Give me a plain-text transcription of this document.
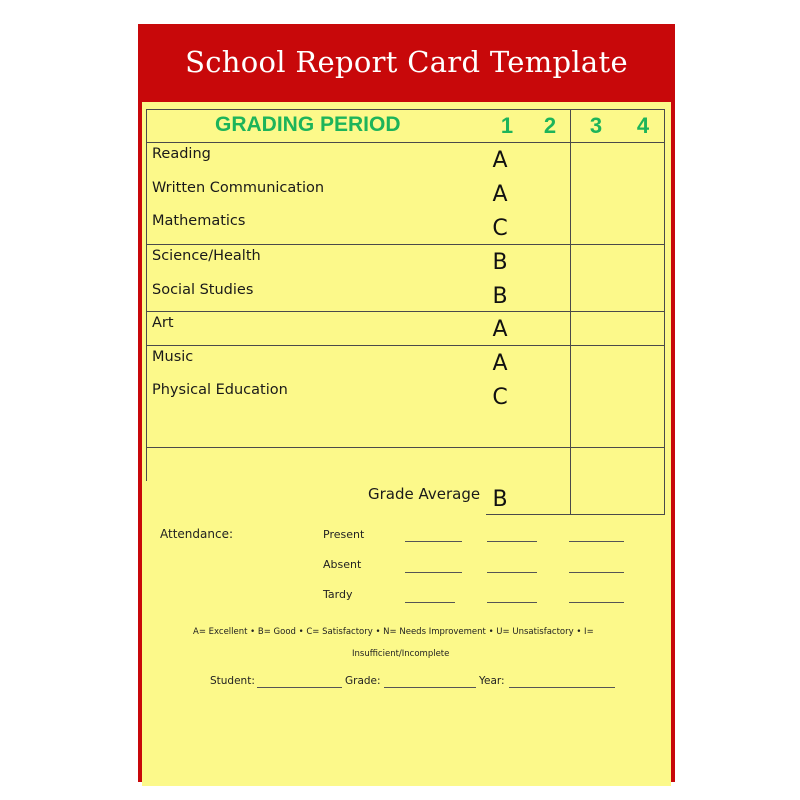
School Report Card Template
GRADING PERIOD	1 2 3 4
Reading	A
Written Communication	A
Mathematics	C
Science/Health	B
Social Studies	B
Art	A
Music	A
Physical Education	C
Grade Average B
Attendance:	Present
Absent
Tardy
A= Excellent • B= Good • C= Satisfactory • N= Needs Improvement • U= Unsatisfactory • I=
Insufficient/Incomplete
Student:	Grade:	Year:
